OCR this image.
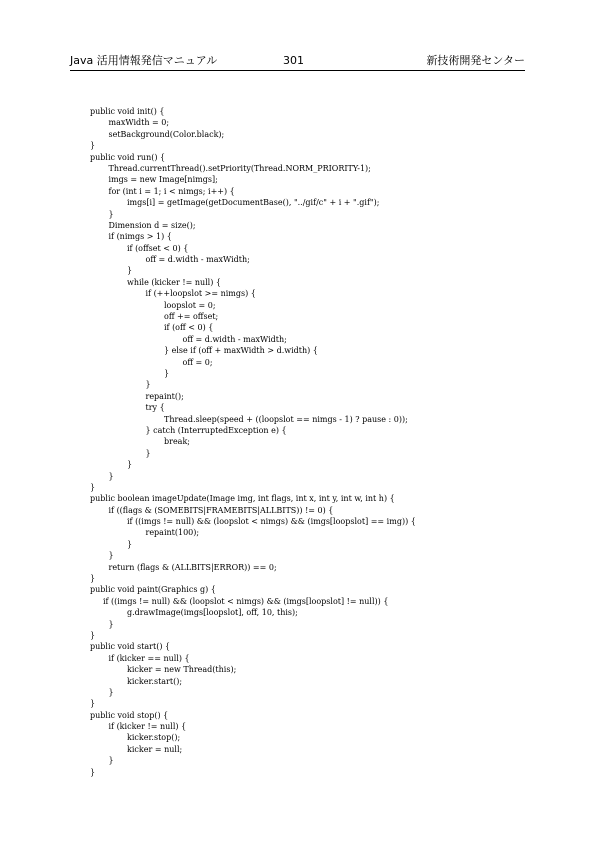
Java 活用情報発信マニュアル	301	新技術開発センター
public void init() {
maxWidth = 0;
setBackground(Color.black);
}
public void run() {
Thread.currentThread().setPriority(Thread.NORM_PRIORITY-1);
imgs = new Image[nimgs];
for (int i = 1; i < nimgs; i++) {
imgs[i] = getImage(getDocumentBase(), "../gif/c" + i + ".gif");
}
Dimension d = size();
if (nimgs > 1) {
if (offset < 0) {
off = d.width - maxWidth;
}
while (kicker != null) {
if (++loopslot >= nimgs) {
loopslot = 0;
off += offset;
if (off < 0) {
off = d.width - maxWidth;
} else if (off + maxWidth > d.width) {
off = 0;
}
}
repaint();
try {
Thread.sleep(speed + ((loopslot == nimgs - 1) ? pause : 0));
} catch (InterruptedException e) {
break;
}
}
}
}
public boolean imageUpdate(Image img, int flags, int x, int y, int w, int h) {
if ((flags & (SOMEBITS|FRAMEBITS|ALLBITS)) != 0) {
if ((imgs != null) && (loopslot < nimgs) && (imgs[loopslot] == img)) {
repaint(100);
}
}
return (flags & (ALLBITS|ERROR)) == 0;
}
public void paint(Graphics g) {
if ((imgs != null) && (loopslot < nimgs) && (imgs[loopslot] != null)) {
g.drawImage(imgs[loopslot], off, 10, this);
}
}
public void start() {
if (kicker == null) {
kicker = new Thread(this);
kicker.start();
}
}
public void stop() {
if (kicker != null) {
kicker.stop();
kicker = null;
}
}
